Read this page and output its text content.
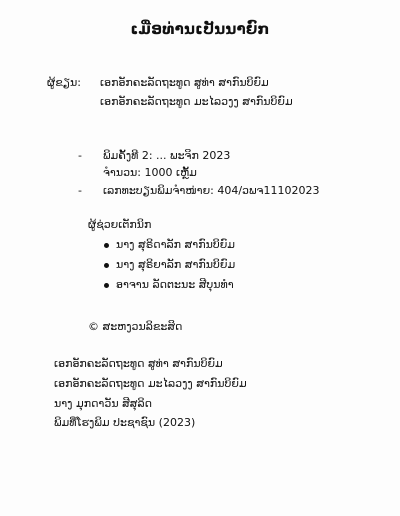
ເມື່ອທ່ານເປັນນາຍົກ
ຜູ້ຂຽນ: ເອກອັກຄະລັດຖະທູດ ສູທ່າ ສາກົນບິຍົມ
ເອກອັກຄະລັດຖະທູດ ມະໄລວງງ ສາກົນບິຍົມ
- ພິມຄັ້ງທີ 2: ... ພະຈິກ 2023
ຈຳນວນ: 1000 ເຫຼັ້ມ
- ເລກທະບຽນພິມຈຳໜ່າຍ: 404/ວພຈ11102023
ຜູ້ຊ່ວຍເຕັກນິກ
ນາງ ສຸຣິດາລັກ ສາກົນບິຍົມ
ນາງ ສຸຣິຍາລັກ ສາກົນບິຍົມ
ອາຈານ ລັດຕະນະ ສີບຸນທຳ
© ສະຫງວນລິຂະສິດ
ເອກອັກຄະລັດຖະທູດ ສູທ່າ ສາກົນບິຍົມ
ເອກອັກຄະລັດຖະທູດ ມະໄລວງງ ສາກົນບິຍົມ
ນາງ ມຸກດາວັນ ສີສຸລິດ
ພິມທີ່ໂຮງພິມ ປະຊາຊົນ (2023)
